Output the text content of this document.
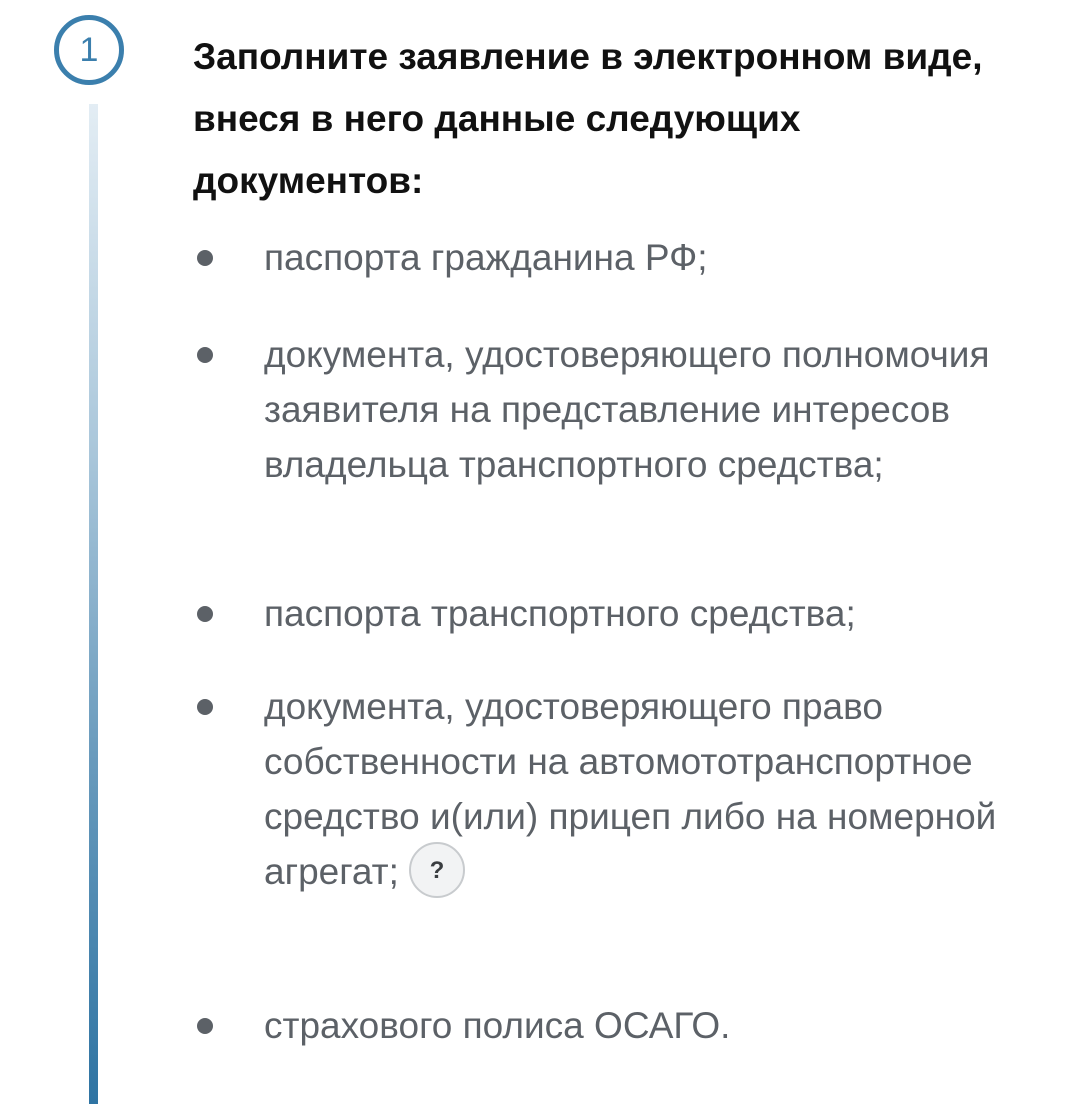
1	Заполните заявление в электронном виде, внеся в него данные следующих документов:
паспорта гражданина РФ;
документа, удостоверяющего полномочия заявителя на представление интересов владельца транспортного средства;
паспорта транспортного средства;
документа, удостоверяющего право собственности на автомототранспортное средство и(или) прицеп либо на номерной агрегат; ?
страхового полиса ОСАГО.
